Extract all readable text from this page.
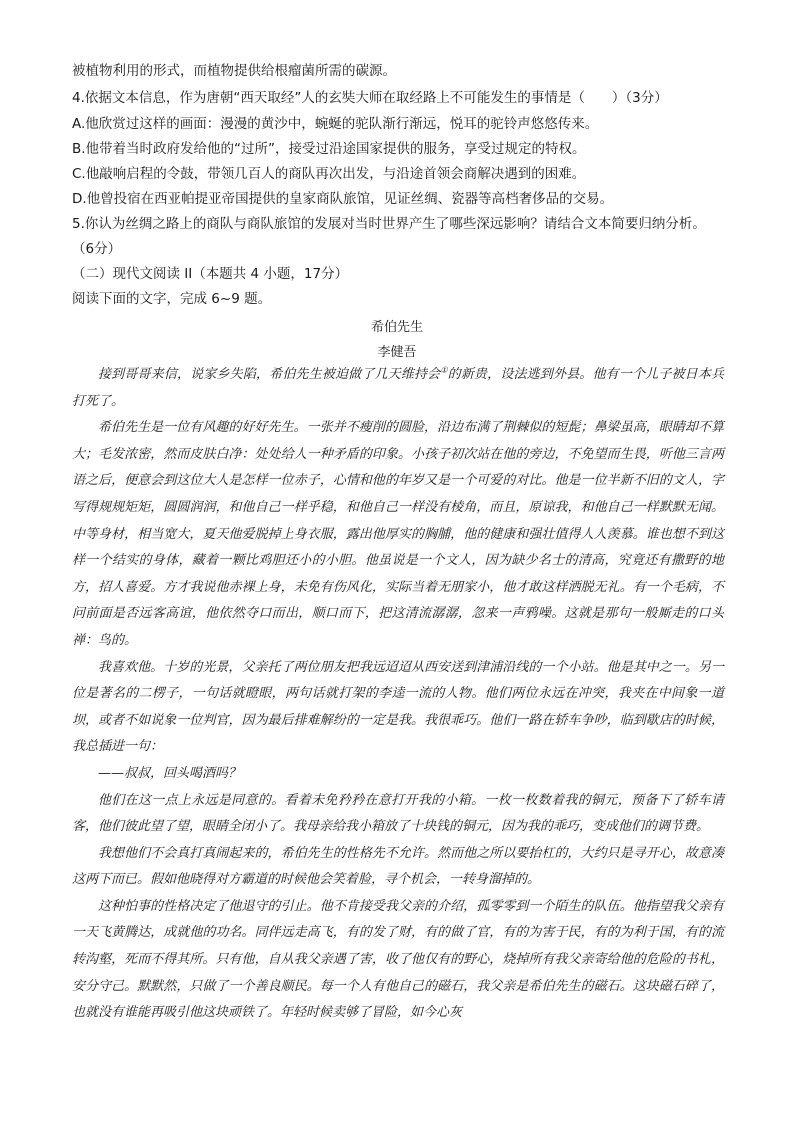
被植物利用的形式，而植物提供给根瘤菌所需的碳源。
4.依据文本信息，作为唐朝“西天取经”人的玄奘大师在取经路上不可能发生的事情是（　　）（3分）
A.他欣赏过这样的画面：漫漫的黄沙中，蜿蜒的驼队渐行渐远，悦耳的驼铃声悠悠传来。
B.他带着当时政府发给他的“过所”，接受过沿途国家提供的服务，享受过规定的特权。
C.他敲响启程的令鼓，带领几百人的商队再次出发，与沿途首领会商解决遇到的困难。
D.他曾投宿在西亚帕提亚帝国提供的皇家商队旅馆，见证丝绸、瓷器等高档奢侈品的交易。
5.你认为丝绸之路上的商队与商队旅馆的发展对当时世界产生了哪些深远影响？请结合文本简要归纳分析。
（6分）
（二）现代文阅读 II（本题共 4 小题，17分）
阅读下面的文字，完成 6~9 题。
希伯先生
李健吾

接到哥哥来信，说家乡失陷，希伯先生被迫做了几天维持会①的新贵，设法逃到外县。他有一个儿子被日本兵打死了。

希伯先生是一位有风趣的好好先生。一张并不瘦削的圆脸，沿边布满了荆棘似的短髭；鼻梁虽高，眼睛却不算大；毛发浓密，然而皮肤白净：处处给人一种矛盾的印象。小孩子初次站在他的旁边，不免望而生畏，听他三言两语之后，便意会到这位大人是怎样一位赤子，心情和他的年岁又是一个可爱的对比。他是一位半新不旧的文人，字写得规规矩矩，圆圆润润，和他自己一样乎稳，和他自己一样没有棱角，而且，原谅我，和他自己一样默默无闻。中等身材，相当宽大，夏天他爱脱掉上身衣服，露出他厚实的胸脯，他的健康和强壮值得人人羡慕。谁也想不到这样一个结实的身体，藏着一颗比鸡胆还小的小胆。他虽说是一个文人，因为缺少名士的清高，究竟还有撒野的地方，招人喜爱。方才我说他赤裸上身，未免有伤风化，实际当着无朋家小，他才敢这样洒脱无礼。有一个毛病，不问前面是否远客高谊，他依然夺口而出，顺口而下，把这清流潺潺，忽来一声鸦噪。这就是那句一般厮走的口头禅：鸟的。

我喜欢他。十岁的光景，父亲托了两位朋友把我远迢迢从西安送到津浦沿线的一个小站。他是其中之一。另一位是著名的二楞子，一句话就瞪眼，两句话就打架的李逵一流的人物。他们两位永远在冲突，我夹在中间象一道坝，或者不如说象一位判官，因为最后排难解纷的一定是我。我很乖巧。他们一路在轿车争吵，临到歇店的时候，我总插进一句：

——叔叔，回头喝酒吗？

他们在这一点上永远是同意的。看着未免矜矜在意打开我的小箱。一枚一枚数着我的铜元，预备下了轿车请客，他们彼此望了望，眼睛全闭小了。我母亲给我小箱放了十块钱的铜元，因为我的乖巧，变成他们的调节费。

我想他们不会真打真闹起来的，希伯先生的性格先不允许。然而他之所以要抬杠的，大约只是寻开心，故意凑这两下而已。假如他晓得对方霸道的时候他会笑着脸，寻个机会，一转身溜掉的。

这种怕事的性格决定了他退守的引止。他不肯接受我父亲的介绍，孤零零到一个陌生的队伍。他指望我父亲有一天飞黄腾达，成就他的功名。同伴远走高飞，有的发了财，有的做了官，有的为害于民，有的为利于国，有的流转沟壑，死而不得其所。只有他，自从我父亲遇了害，收了他仅有的野心，烧掉所有我父亲寄给他的危险的书札，安分守己。默默然，只做了一个善良顺民。每一个人有他自己的磁石，我父亲是希伯先生的磁石。这块磁石碎了，也就没有谁能再吸引他这块顽铁了。年轻时候卖够了冒险，如今心灰
